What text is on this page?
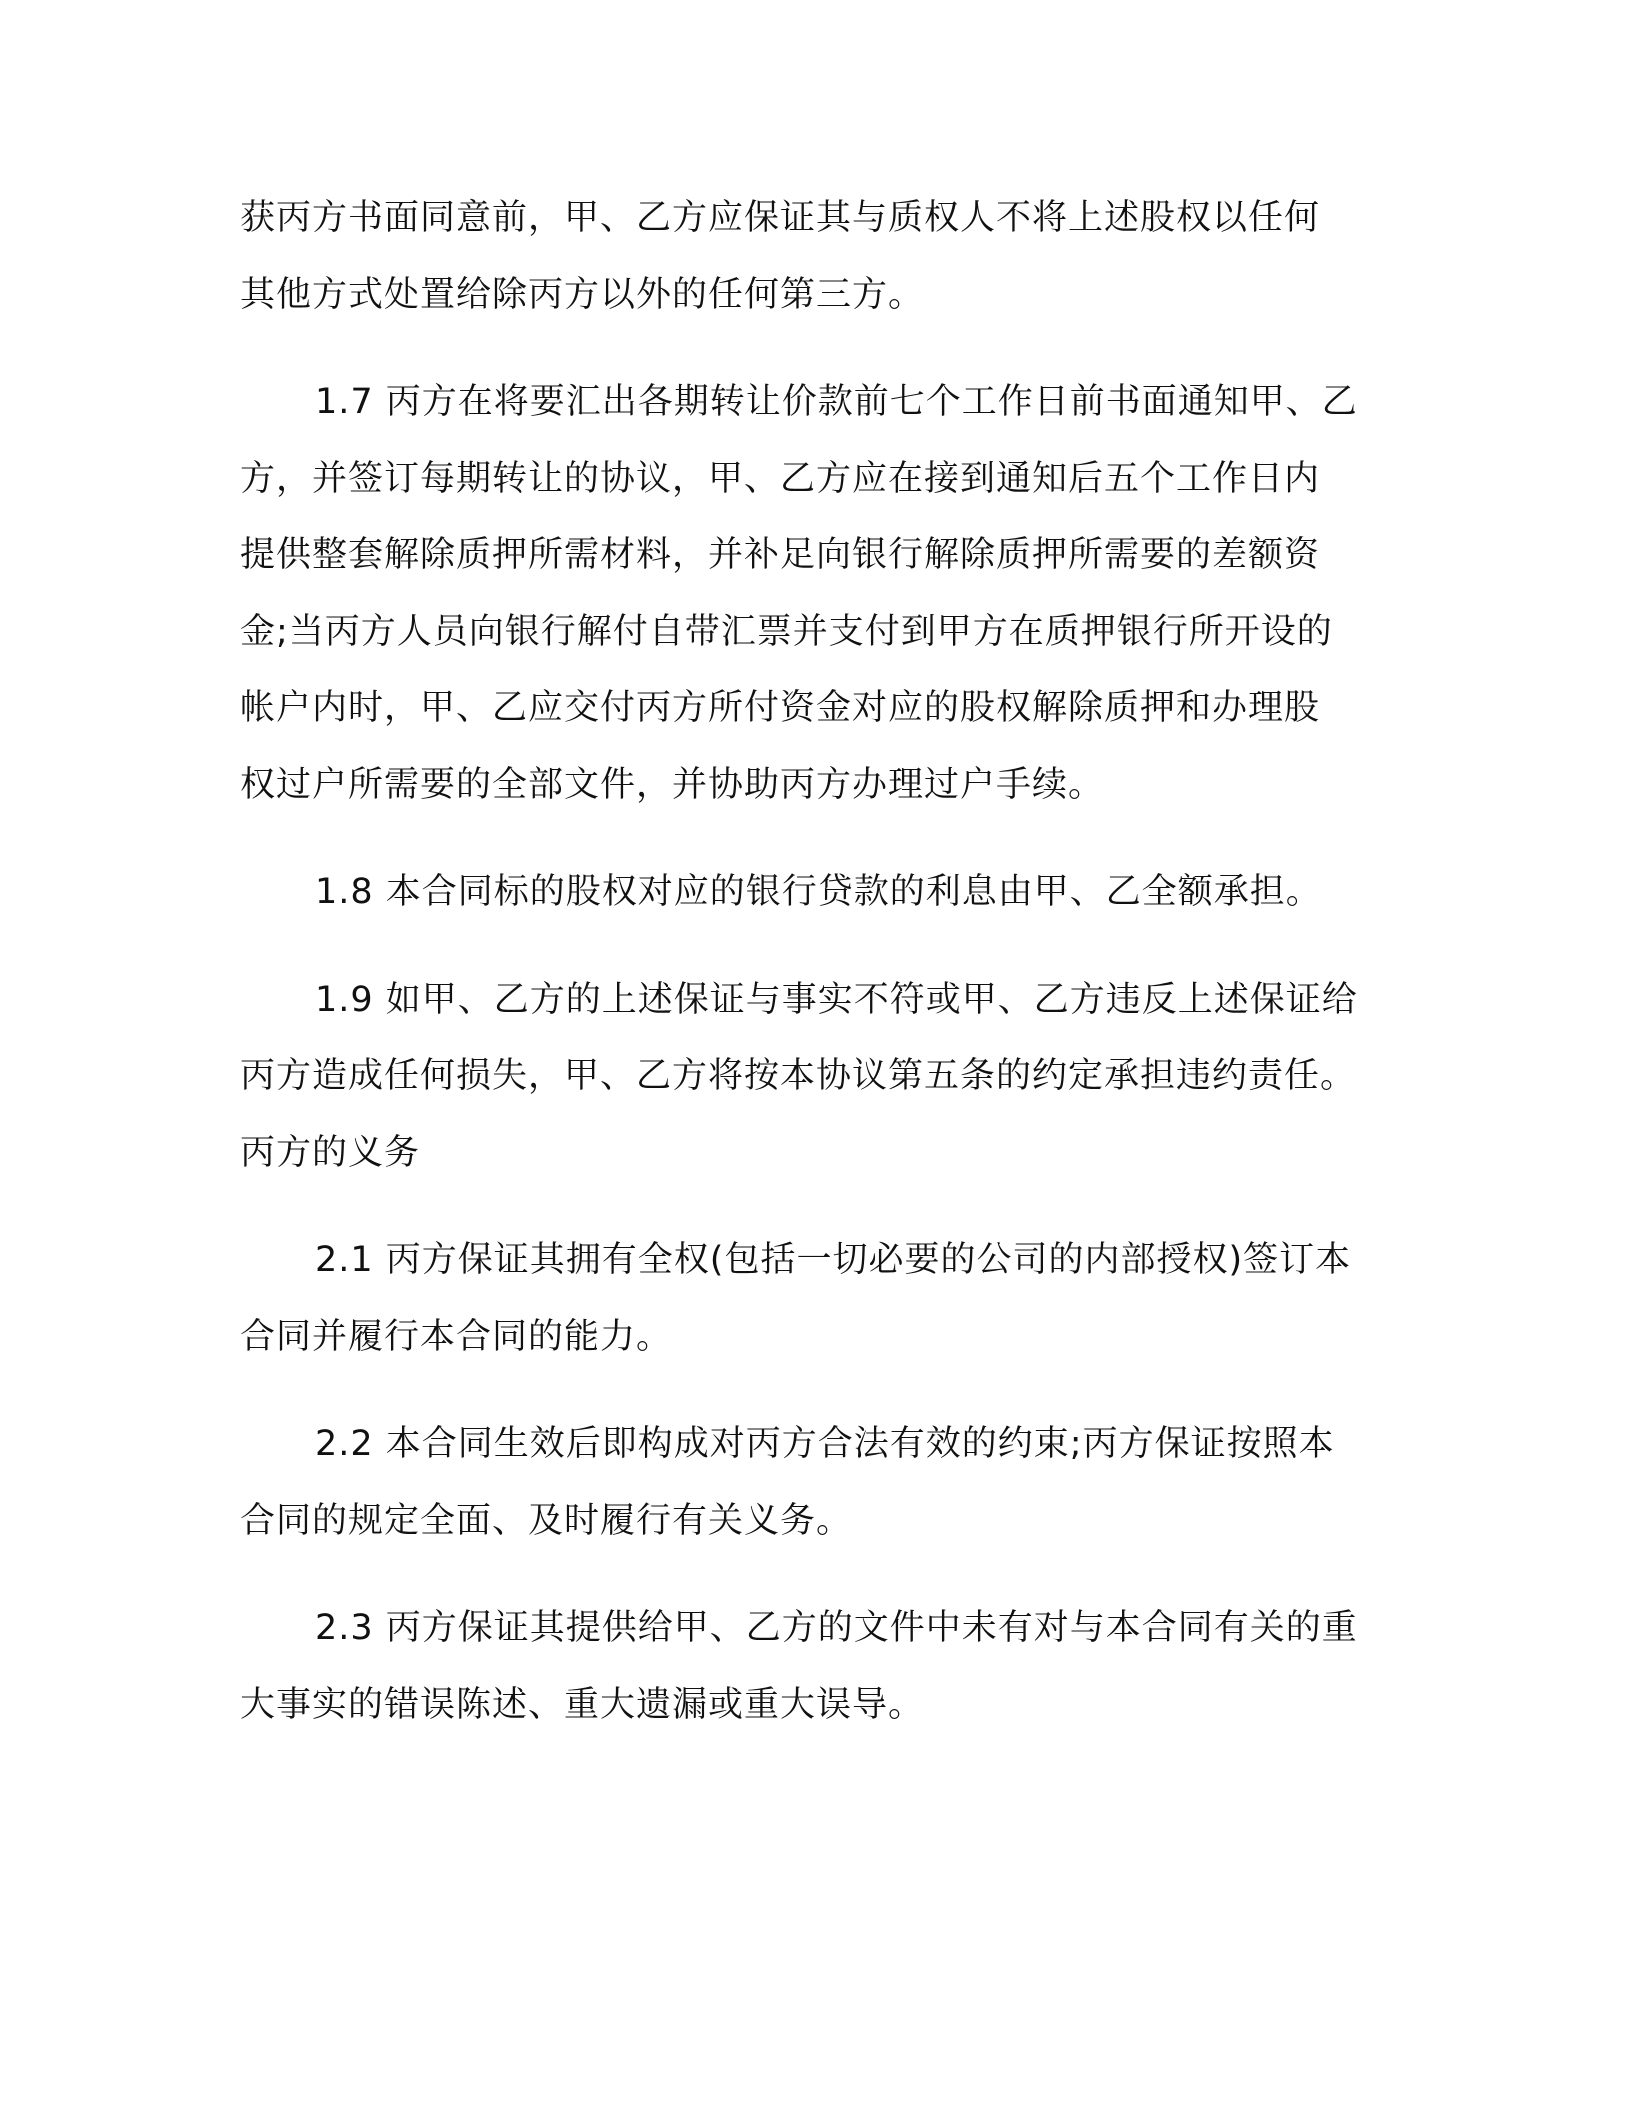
获丙方书面同意前，甲、乙方应保证其与质权人不将上述股权以任何
其他方式处置给除丙方以外的任何第三方。
1.7 丙方在将要汇出各期转让价款前七个工作日前书面通知甲、乙
方，并签订每期转让的协议，甲、乙方应在接到通知后五个工作日内
提供整套解除质押所需材料，并补足向银行解除质押所需要的差额资
金;当丙方人员向银行解付自带汇票并支付到甲方在质押银行所开设的
帐户内时，甲、乙应交付丙方所付资金对应的股权解除质押和办理股
权过户所需要的全部文件，并协助丙方办理过户手续。
1.8 本合同标的股权对应的银行贷款的利息由甲、乙全额承担。
1.9 如甲、乙方的上述保证与事实不符或甲、乙方违反上述保证给
丙方造成任何损失，甲、乙方将按本协议第五条的约定承担违约责任。
丙方的义务
2.1 丙方保证其拥有全权(包括一切必要的公司的内部授权)签订本
合同并履行本合同的能力。
2.2 本合同生效后即构成对丙方合法有效的约束;丙方保证按照本
合同的规定全面、及时履行有关义务。
2.3 丙方保证其提供给甲、乙方的文件中未有对与本合同有关的重
大事实的错误陈述、重大遗漏或重大误导。
